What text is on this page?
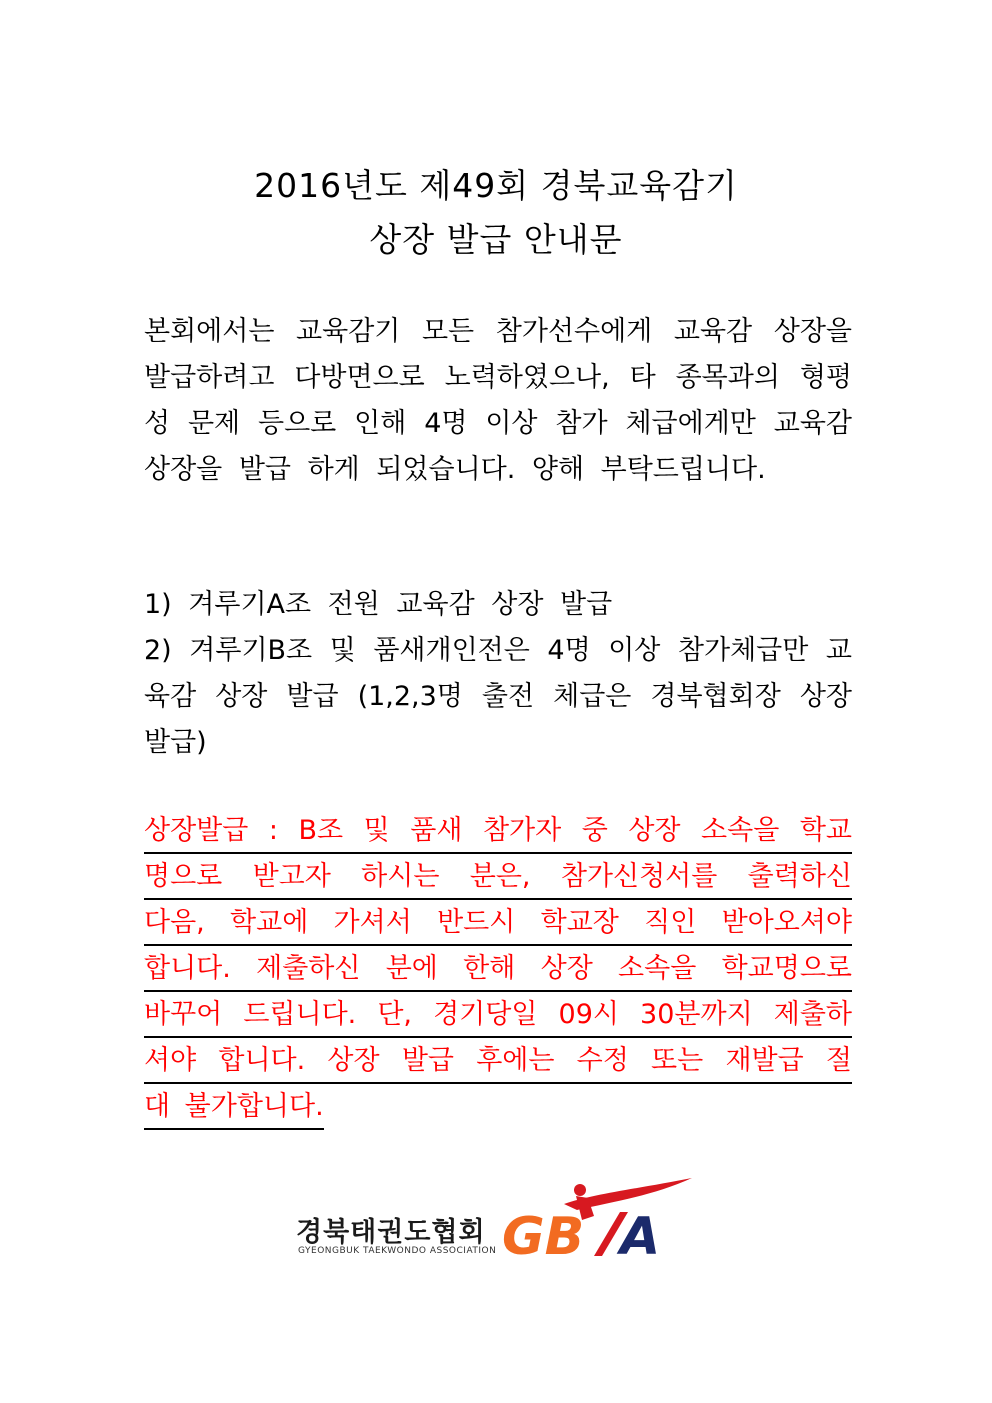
2016년도 제49회 경북교육감기
상장 발급 안내문

본회에서는 교육감기 모든 참가선수에게 교육감 상장을 발급하려고 다방면으로 노력하였으나, 타 종목과의 형평성 문제 등으로 인해 4명 이상 참가 체급에게만 교육감 상장을 발급 하게 되었습니다. 양해 부탁드립니다.

1) 겨루기A조 전원 교육감 상장 발급
2) 겨루기B조 및 품새개인전은 4명 이상 참가체급만 교육감 상장 발급 (1,2,3명 출전 체급은 경북협회장 상장 발급)
상장발급 : B조 및 품새 참가자 중 상장 소속을 학교
명으로 받고자 하시는 분은, 참가신청서를 출력하신
다음, 학교에 가셔서 반드시 학교장 직인 받아오셔야
합니다. 제출하신 분에 한해 상장 소속을 학교명으로
바꾸어 드립니다. 단, 경기당일 09시 30분까지 제출하
셔야 합니다. 상장 발급 후에는 수정 또는 재발급 절
대 불가합니다.
경북태권도협회
GYEONGBUK TAEKWONDO ASSOCIATION GB A
